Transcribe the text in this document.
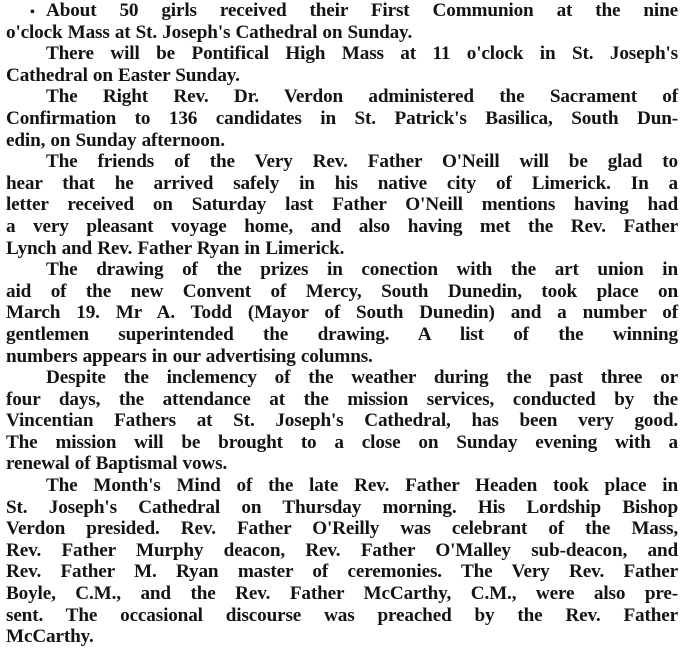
• About 50 girls received their First Communion at the nine
o'clock Mass at St. Joseph's Cathedral on Sunday.

There will be Pontifical High Mass at 11 o'clock in St. Joseph's
Cathedral on Easter Sunday.

The Right Rev. Dr. Verdon administered the Sacrament of
Confirmation to 136 candidates in St. Patrick's Basilica, South Dun-
edin, on Sunday afternoon.

The friends of the Very Rev. Father O'Neill will be glad to
hear that he arrived safely in his native city of Limerick. In a
letter received on Saturday last Father O'Neill mentions having had
a very pleasant voyage home, and also having met the Rev. Father
Lynch and Rev. Father Ryan in Limerick.

The drawing of the prizes in conection with the art union in
aid of the new Convent of Mercy, South Dunedin, took place on
March 19. Mr A. Todd (Mayor of South Dunedin) and a number of
gentlemen superintended the drawing. A list of the winning
numbers appears in our advertising columns.

Despite the inclemency of the weather during the past three or
four days, the attendance at the mission services, conducted by the
Vincentian Fathers at St. Joseph's Cathedral, has been very good.
The mission will be brought to a close on Sunday evening with a
renewal of Baptismal vows.

The Month's Mind of the late Rev. Father Headen took place in
St. Joseph's Cathedral on Thursday morning. His Lordship Bishop
Verdon presided. Rev. Father O'Reilly was celebrant of the Mass,
Rev. Father Murphy deacon, Rev. Father O'Malley sub-deacon, and
Rev. Father M. Ryan master of ceremonies. The Very Rev. Father
Boyle, C.M., and the Rev. Father McCarthy, C.M., were also pre-
sent. The occasional discourse was preached by the Rev. Father
McCarthy.
